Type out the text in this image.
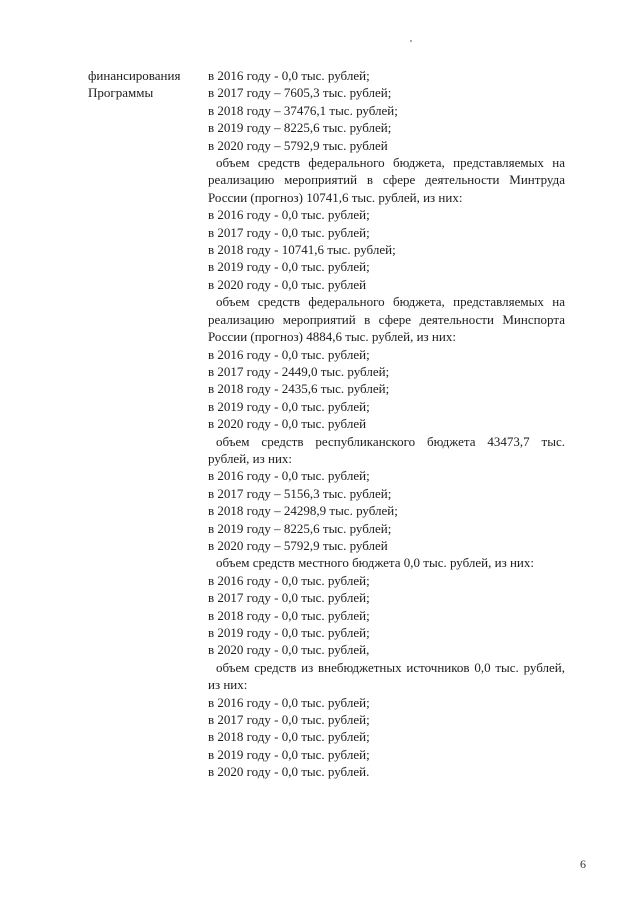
финансирования
Программы
в 2016 году - 0,0 тыс. рублей;
в 2017 году – 7605,3 тыс. рублей;
в 2018 году – 37476,1 тыс. рублей;
в 2019 году – 8225,6 тыс. рублей;
в 2020 году – 5792,9 тыс. рублей
объем средств федерального бюджета, представляемых на реализацию мероприятий в сфере деятельности Минтруда России (прогноз) 10741,6 тыс. рублей, из них:
в 2016 году - 0,0 тыс. рублей;
в 2017 году - 0,0 тыс. рублей;
в 2018 году - 10741,6 тыс. рублей;
в 2019 году - 0,0 тыс. рублей;
в 2020 году - 0,0 тыс. рублей
объем средств федерального бюджета, представляемых на реализацию мероприятий в сфере деятельности Минспорта России (прогноз) 4884,6 тыс. рублей, из них:
в 2016 году - 0,0 тыс. рублей;
в 2017 году - 2449,0 тыс. рублей;
в 2018 году - 2435,6 тыс. рублей;
в 2019 году - 0,0 тыс. рублей;
в 2020 году - 0,0 тыс. рублей
объем средств республиканского бюджета 43473,7 тыс. рублей, из них:
в 2016 году - 0,0 тыс. рублей;
в 2017 году – 5156,3 тыс. рублей;
в 2018 году – 24298,9 тыс. рублей;
в 2019 году – 8225,6 тыс. рублей;
в 2020 году – 5792,9 тыс. рублей
объем средств местного бюджета 0,0 тыс. рублей, из них:
в 2016 году - 0,0 тыс. рублей;
в 2017 году - 0,0 тыс. рублей;
в 2018 году - 0,0 тыс. рублей;
в 2019 году - 0,0 тыс. рублей;
в 2020 году - 0,0 тыс. рублей,
объем средств из внебюджетных источников 0,0 тыс. рублей, из них:
в 2016 году - 0,0 тыс. рублей;
в 2017 году - 0,0 тыс. рублей;
в 2018 году - 0,0 тыс. рублей;
в 2019 году - 0,0 тыс. рублей;
в 2020 году - 0,0 тыс. рублей.
6
